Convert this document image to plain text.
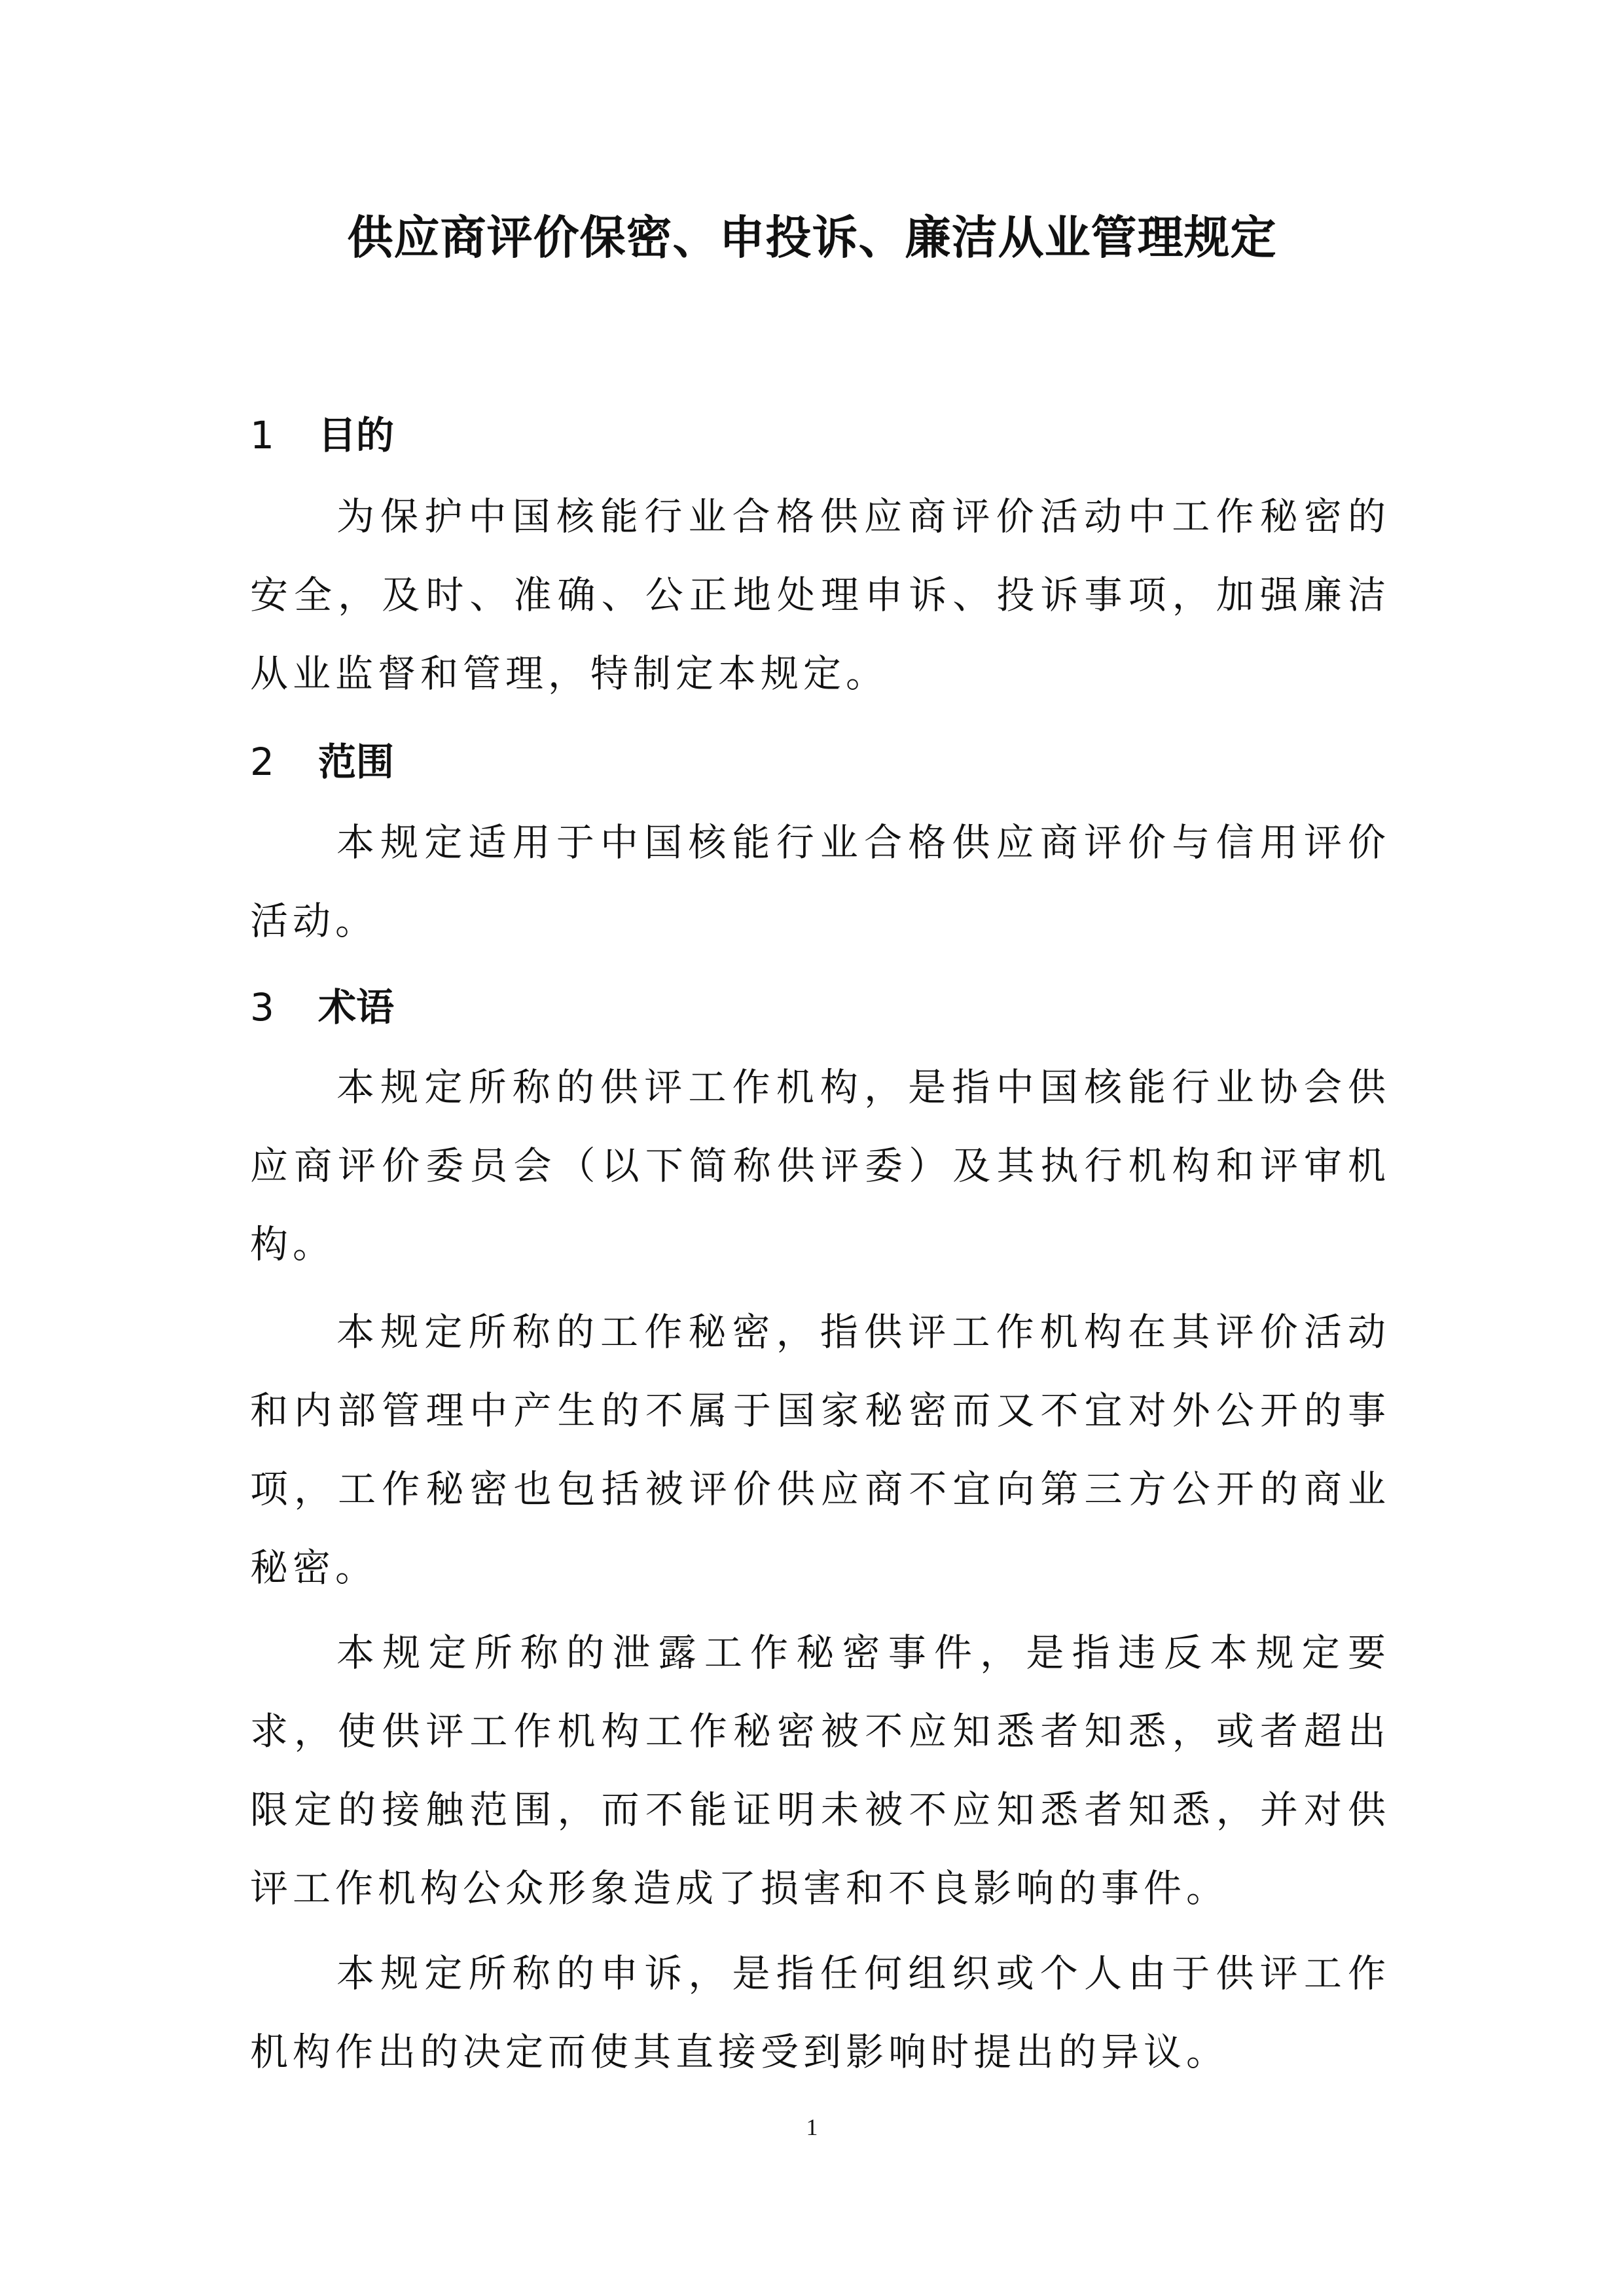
供应商评价保密、申投诉、廉洁从业管理规定
1 目的
为保护中国核能行业合格供应商评价活动中工作秘密的安全，及时、准确、公正地处理申诉、投诉事项，加强廉洁从业监督和管理，特制定本规定。
2 范围
本规定适用于中国核能行业合格供应商评价与信用评价活动。
3 术语
本规定所称的供评工作机构，是指中国核能行业协会供应商评价委员会（以下简称供评委）及其执行机构和评审机构。
本规定所称的工作秘密，指供评工作机构在其评价活动和内部管理中产生的不属于国家秘密而又不宜对外公开的事项，工作秘密也包括被评价供应商不宜向第三方公开的商业秘密。
本规定所称的泄露工作秘密事件，是指违反本规定要求，使供评工作机构工作秘密被不应知悉者知悉，或者超出限定的接触范围，而不能证明未被不应知悉者知悉，并对供评工作机构公众形象造成了损害和不良影响的事件。
本规定所称的申诉，是指任何组织或个人由于供评工作机构作出的决定而使其直接受到影响时提出的异议。
1
